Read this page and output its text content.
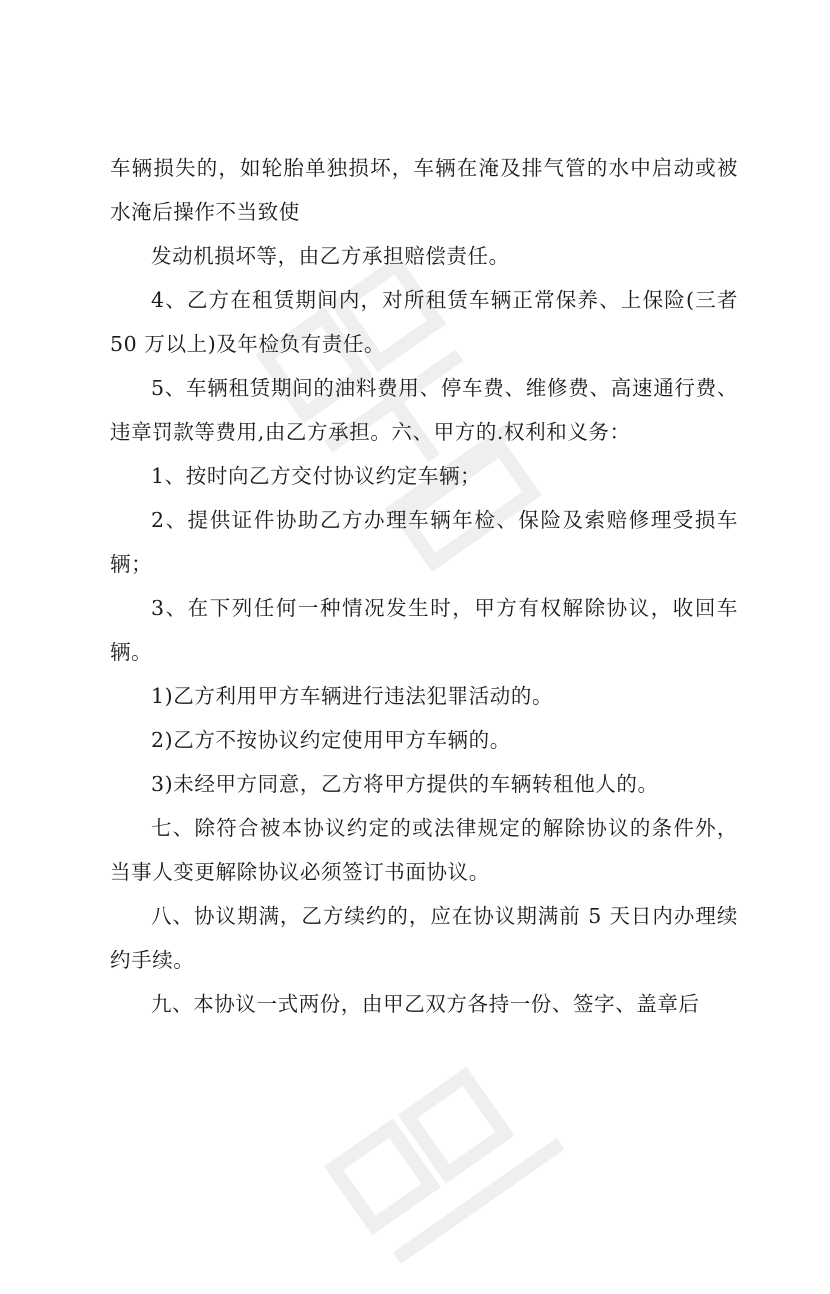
车辆损失的，如轮胎单独损坏，车辆在淹及排气管的水中启动或被水淹后操作不当致使

发动机损坏等，由乙方承担赔偿责任。

4、乙方在租赁期间内，对所租赁车辆正常保养、上保险(三者 50 万以上)及年检负有责任。

5、车辆租赁期间的油料费用、停车费、维修费、高速通行费、违章罚款等费用,由乙方承担。六、甲方的.权利和义务：

1、按时向乙方交付协议约定车辆；

2、提供证件协助乙方办理车辆年检、保险及索赔修理受损车辆；

3、在下列任何一种情况发生时，甲方有权解除协议，收回车辆。

1)乙方利用甲方车辆进行违法犯罪活动的。

2)乙方不按协议约定使用甲方车辆的。

3)未经甲方同意，乙方将甲方提供的车辆转租他人的。

七、除符合被本协议约定的或法律规定的解除协议的条件外，当事人变更解除协议必须签订书面协议。

八、协议期满，乙方续约的，应在协议期满前 5 天日内办理续约手续。

九、本协议一式两份，由甲乙双方各持一份、签字、盖章后
